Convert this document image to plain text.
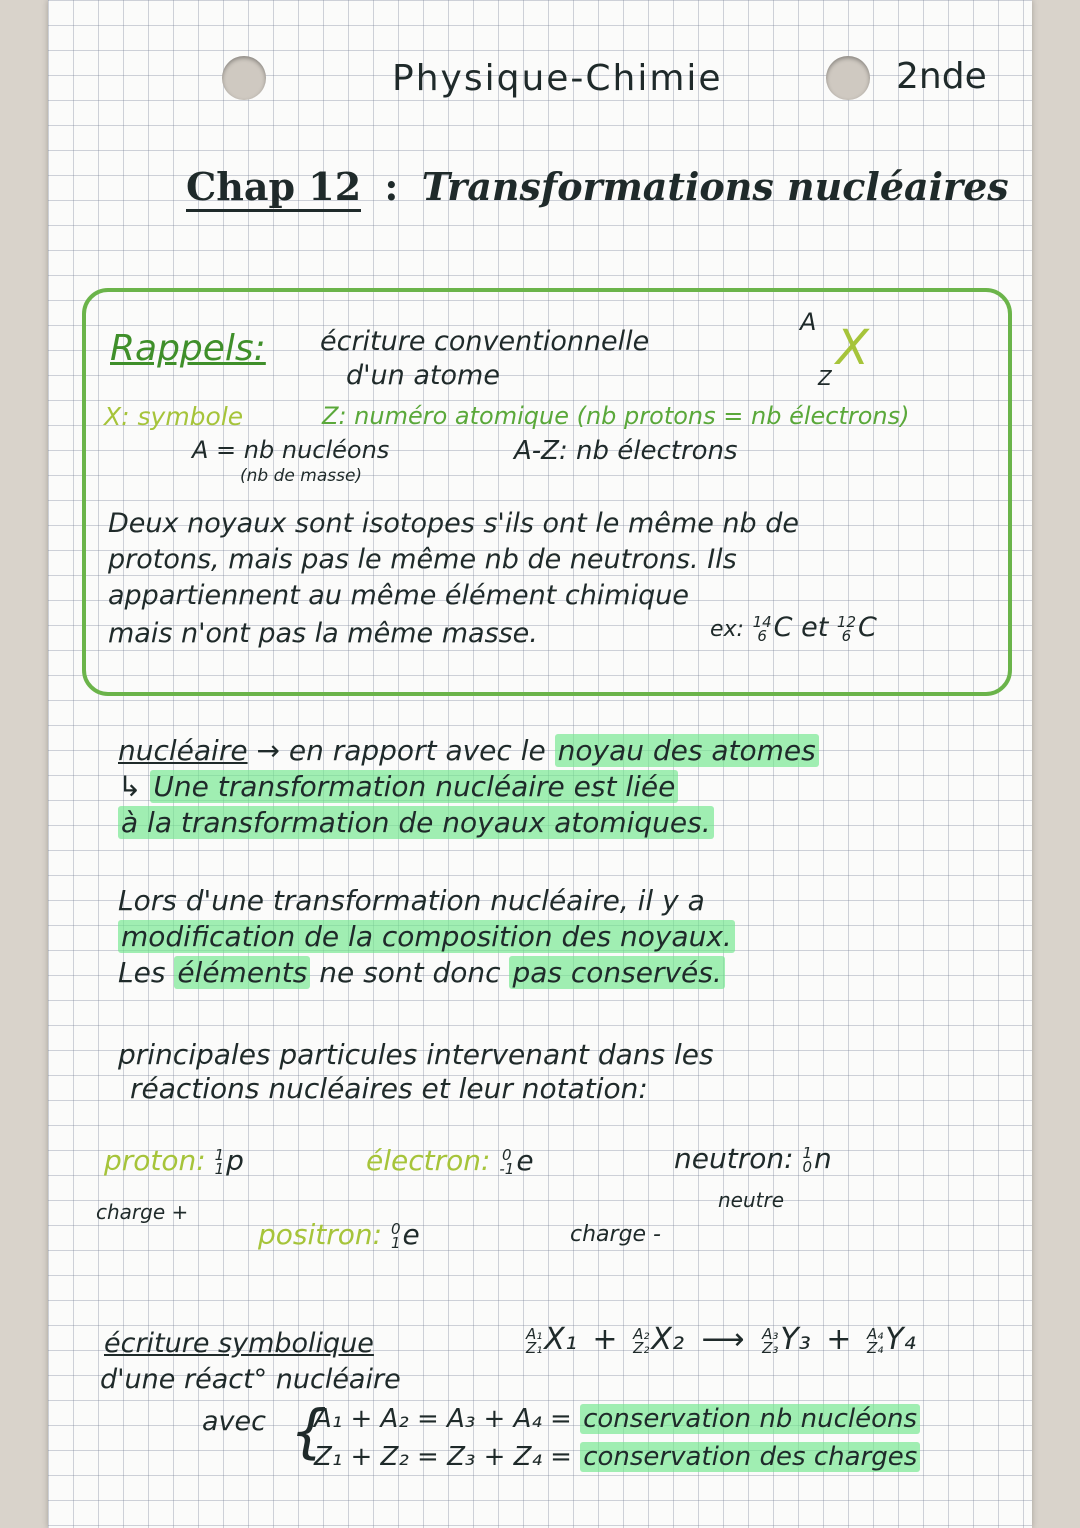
Physique-Chimie	2nde
Chap 12 : Transformations nucléaires
Rappels: écriture conventionnelle
d'un atome
A
Z
X
X: symbole	Z: numéro atomique (nb protons = nb électrons)
A = nb nucléons
(nb de masse)
A-Z: nb électrons
Deux noyaux sont isotopes s'ils ont le même nb de
protons, mais pas le même nb de neutrons. Ils
appartiennent au même élément chimique
mais n'ont pas la même masse.	ex: 14
6 C et 12
6 C
nucléaire → en rapport avec le noyau des atomes
↳ Une transformation nucléaire est liée
à la transformation de noyaux atomiques.
Lors d'une transformation nucléaire, il y a
modification de la composition des noyaux.
Les éléments ne sont donc pas conservés.
principales particules intervenant dans les
réactions nucléaires et leur notation:
proton: 1
1p
charge +
électron: 0
-1e
charge -
neutron: 1
0n
neutre
positron: 0
1e
écriture symbolique
d'une réact° nucléaire
A₁
Z₁X₁ + A₂
Z₂X₂ ⟶ A₃
Z₃Y₃ + A₄
Z₄Y₄
avec {
A₁ + A₂ = A₃ + A₄ = conservation nb nucléons
Z₁ + Z₂ = Z₃ + Z₄ = conservation des charges
